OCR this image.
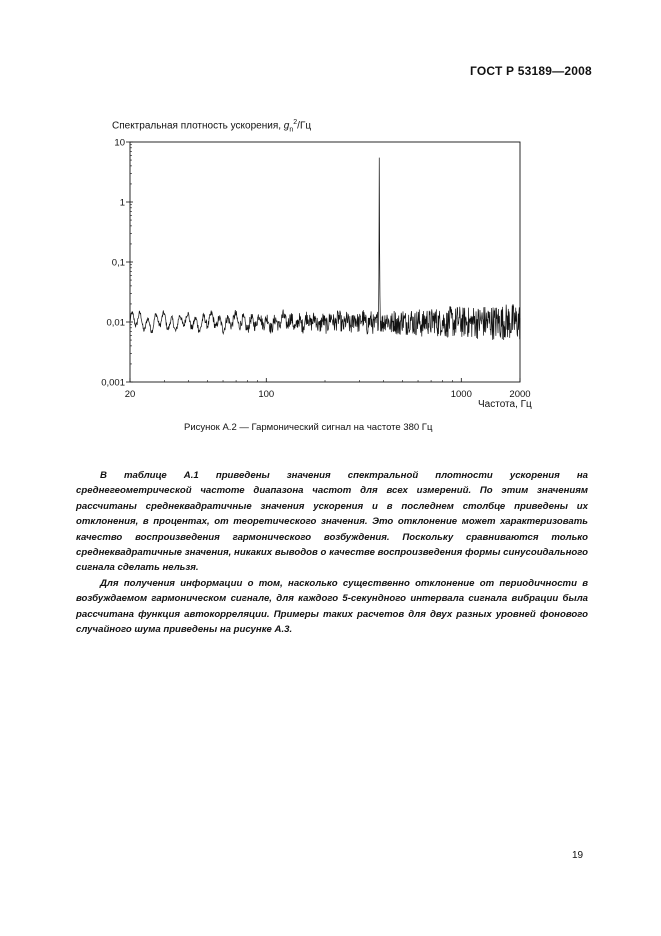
ГОСТ Р 53189—2008
Спектральная плотность ускорения, $g_n^2/Гц$
10
1
0,1
0,01
0,001
20	100	1000	2000
Частота, Гц
Рисунок А.2 — Гармонический сигнал на частоте 380 Гц

В таблице А.1 приведены значения спектральной плотности ускорения на среднегеометрической частоте диапазона частот для всех измерений. По этим значениям рассчитаны среднеквадратичные значения ускорения и в последнем столбце приведены их отклонения, в процентах, от теоретического значения. Это отклонение может характеризовать качество воспроизведения гармонического возбуждения. Поскольку сравниваются только среднеквадратичные значения, никаких выводов о качестве воспроизведения формы синусоидального сигнала сделать нельзя.

Для получения информации о том, насколько существенно отклонение от периодичности в возбуждаемом гармоническом сигнале, для каждого 5-секундного интервала сигнала вибрации была рассчитана функция автокорреляции. Примеры таких расчетов для двух разных уровней фонового случайного шума приведены на рисунке А.3.

19
